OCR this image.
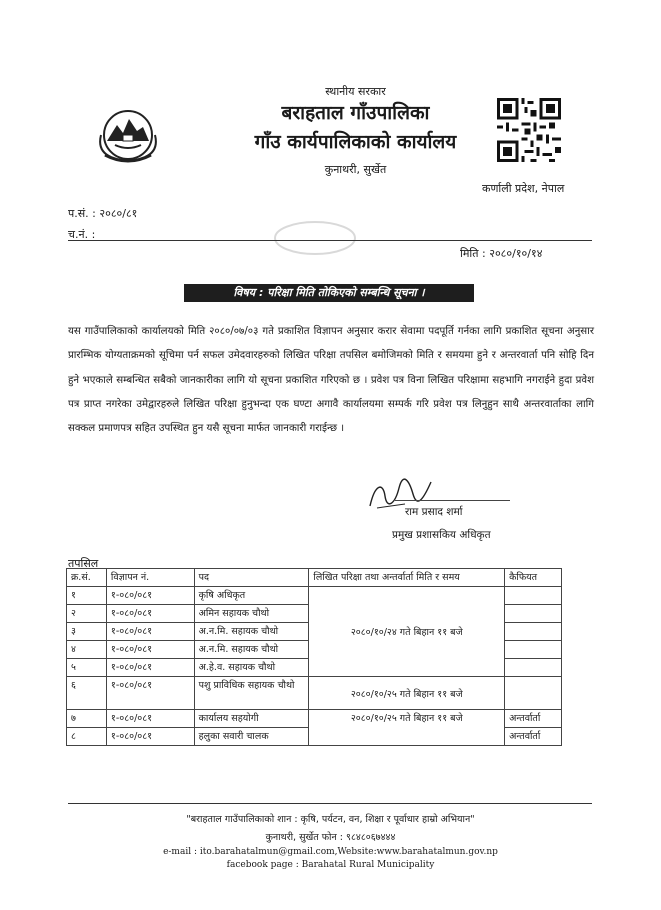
स्थानीय सरकार
बराहताल गाँउपालिका
गाँउ कार्यपालिकाको कार्यालय
कुनाथरी, सुर्खेत
कर्णाली प्रदेश, नेपाल
प.सं. : २०८०/८१
च.नं. :
मिति : २०८०/१०/१४
विषय : परिक्षा मिति तोकिएको सम्बन्धि सूचना ।
यस गाउँपालिकाको कार्यालयको मिति २०८०/०७/०३ गते प्रकाशित विज्ञापन अनुसार करार सेवामा पदपूर्ति गर्नका लागि प्रकाशित सूचना अनुसार प्रारम्भिक योग्यताक्रमको सूचिमा पर्न सफल उमेदवारहरुको लिखित परिक्षा तपसिल बमोजिमको मिति र समयमा हुने र अन्तरवार्ता पनि सोहि दिन हुने भएकाले सम्बन्धित सबैको जानकारीका लागि यो सूचना प्रकाशित गरिएको छ । प्रवेश पत्र विना लिखित परिक्षामा सहभागि नगराईने हुदा प्रवेश पत्र प्राप्त नगरेका उमेद्वारहरुले लिखित परिक्षा हुनुभन्दा एक घण्टा अगावै कार्यालयमा सम्पर्क गरि प्रवेश पत्र लिनुहुन साथै अन्तरवार्ताका लागि सक्कल प्रमाणपत्र सहित उपस्थित हुन यसै सूचना मार्फत जानकारी गराईन्छ ।
राम प्रसाद शर्मा
प्रमुख प्रशासकिय अधिकृत
तपसिल
क्र.सं.	विज्ञापन नं.	पद	लिखित परिक्षा तथा अन्तर्वार्ता मिति र समय	कैफियत
१	१-०८०/०८१	कृषि अधिकृत	२०८०/१०/२४ गते बिहान ११ बजे	
२	१-०८०/०८१	अमिन सहायक चौथो		
३	१-०८०/०८१	अ.न.मि. सहायक चौथो		
४	१-०८०/०८१	अ.न.मि. सहायक चौथो		
५	१-०८०/०८१	अ.हे.व. सहायक चौथो		
६	१-०८०/०८१	पशु प्राविधिक सहायक चौथो	२०८०/१०/२५ गते बिहान ११ बजे	
७	१-०८०/०८१	कार्यालय सहयोगी	२०८०/१०/२५ गते बिहान ११ बजे	अन्तर्वार्ता
८	१-०८०/०८१	हलुका सवारी चालक		अन्तर्वार्ता
"बराहताल गाउँपालिकाको शान : कृषि, पर्यटन, वन, शिक्षा र पूर्वाधार हाम्रो अभियान"
कुनाथरी, सुर्खेत फोन : ९८४८०६७४४४
e-mail : ito.barahatalmun@gmail.com,Website:www.barahatalmun.gov.np
facebook page : Barahatal Rural Municipality
